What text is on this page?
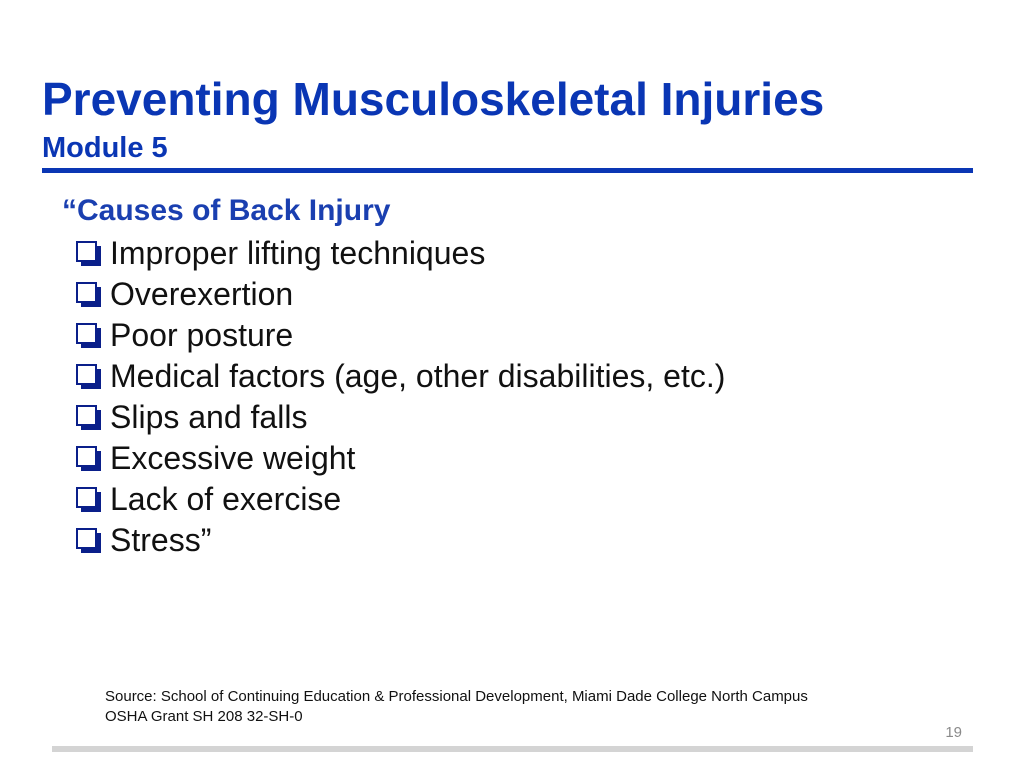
Preventing Musculoskeletal Injuries
Module 5
“Causes of Back Injury
Improper lifting techniques
Overexertion
Poor posture
Medical factors (age, other disabilities, etc.)
Slips and falls
Excessive weight
Lack of exercise
Stress”
Source: School of Continuing Education & Professional Development, Miami Dade College North Campus
OSHA Grant SH 208 32-SH-0
19
